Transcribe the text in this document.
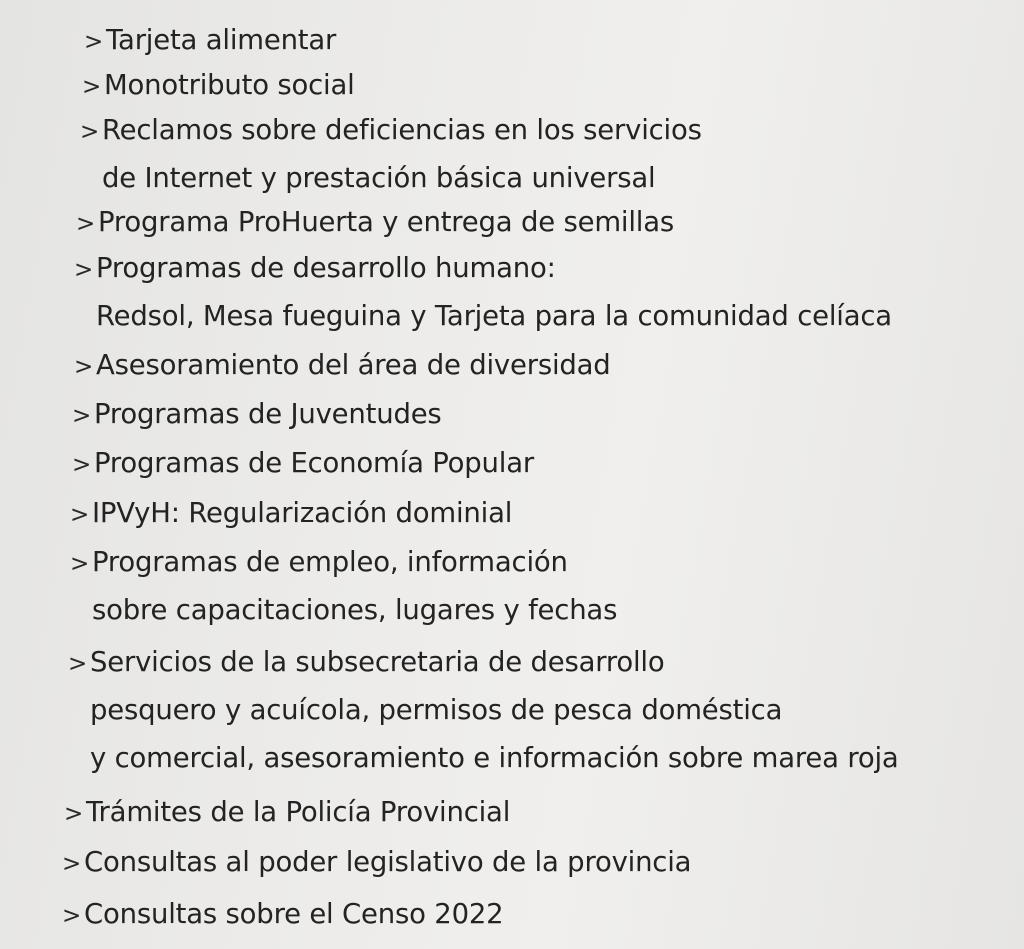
> Tarjeta alimentar
> Monotributo social
> Reclamos sobre deficiencias en los servicios
de Internet y prestación básica universal
> Programa ProHuerta y entrega de semillas
> Programas de desarrollo humano:
Redsol, Mesa fueguina y Tarjeta para la comunidad celíaca
> Asesoramiento del área de diversidad
> Programas de Juventudes
> Programas de Economía Popular
> IPVyH: Regularización dominial
> Programas de empleo, información
sobre capacitaciones, lugares y fechas
> Servicios de la subsecretaria de desarrollo
pesquero y acuícola, permisos de pesca doméstica
y comercial, asesoramiento e información sobre marea roja
> Trámites de la Policía Provincial
> Consultas al poder legislativo de la provincia
> Consultas sobre el Censo 2022
